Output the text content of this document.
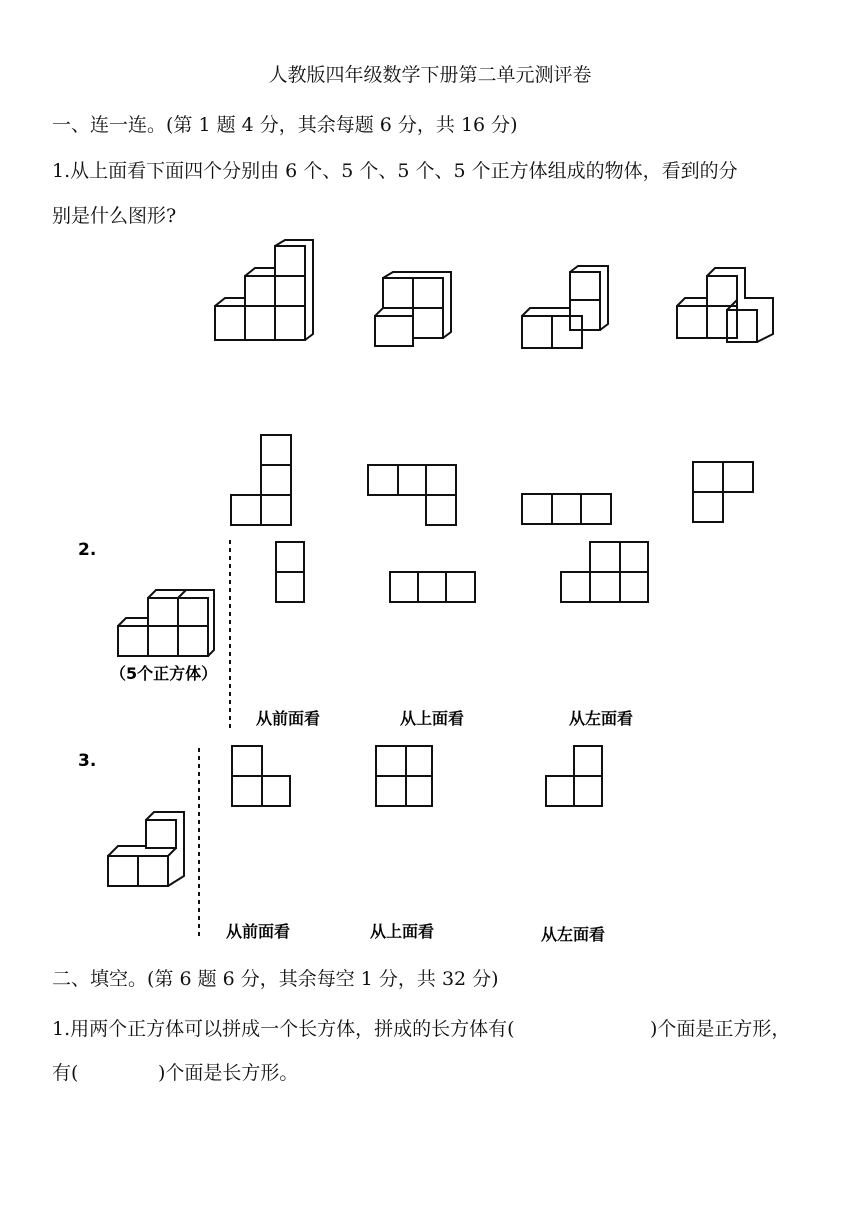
人教版四年级数学下册第二单元测评卷
一、连一连。(第 1 题 4 分，其余每题 6 分，共 16 分)
1.从上面看下面四个分别由 6 个、5 个、5 个、5 个正方体组成的物体，看到的分
别是什么图形?
二、填空。(第 6 题 6 分，其余每空 1 分，共 32 分)
1.用两个正方体可以拼成一个长方体，拼成的长方体有(	)个面是正方形，
有(	)个面是长方形。
2.
（5个正方体）
从前面看	从上面看	从左面看
3.
从前面看	从上面看	从左面看
